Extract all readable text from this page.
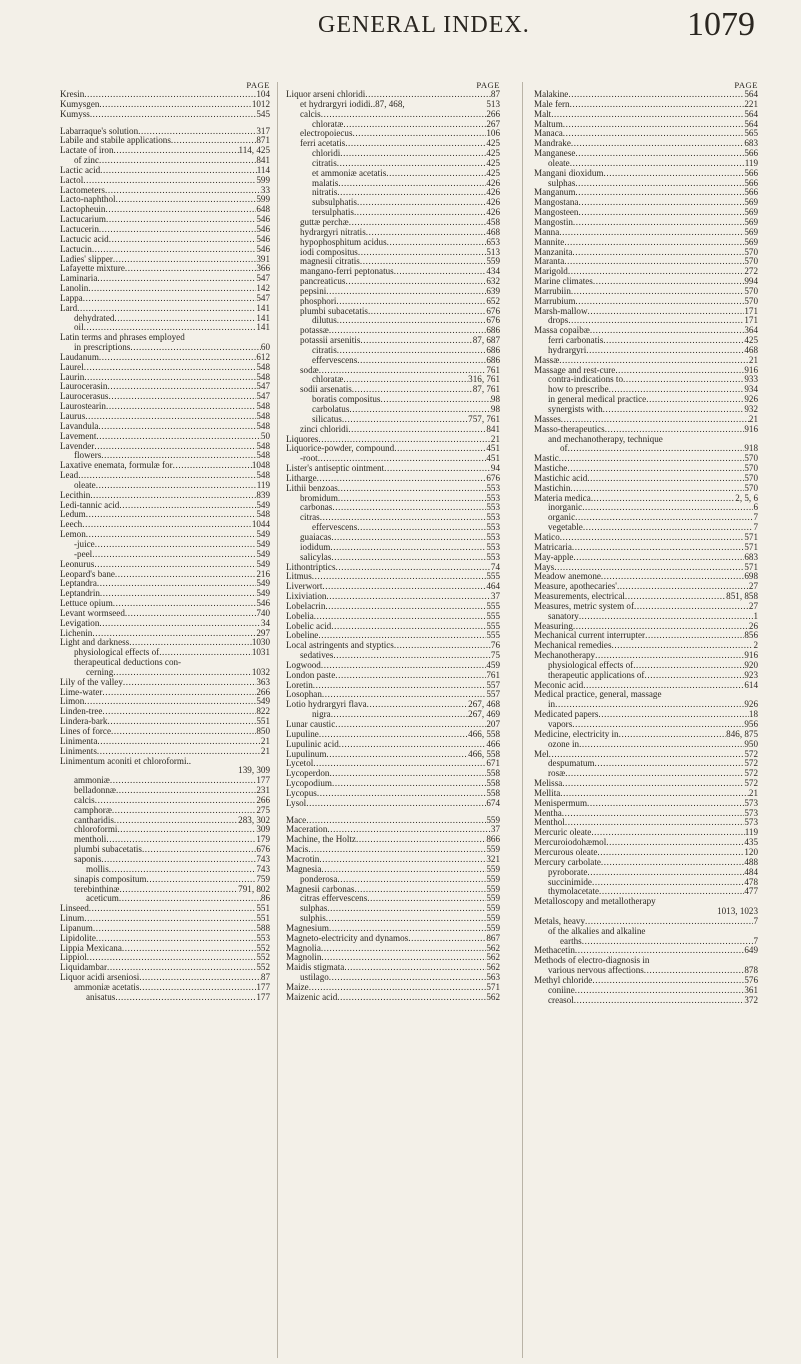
GENERAL INDEX.	1079
PAGE
Kresin .....	104
Kumysgen .....	1012
Kumyss .....	545
Labarraque's solution .....	317
Labile and stabile applications .....	871
Lactate of iron .....	114, 425
of zinc .....	841
Lactic acid .....	114
Lactol .....	599
Lactometers .....	33
Lacto-naphthol .....	599
Lactopheuin .....	648
Lactucarium .....	546
Lactucerin .....	546
Lactucic acid .....	546
Lactucin .....	546
Ladies' slipper .....	391
Lafayette mixture .....	366
Laminaria .....	547
Lanolin .....	142
Lappa .....	547
Lard .....	141
dehydrated .....	141
oil .....	141
Latin terms and phrases employed
in prescriptions .....	60
Laudanum .....	612
Laurel .....	548
Laurin .....	548
Laurocerasin .....	547
Laurocerasus .....	547
Laurostearin .....	548
Laurus .....	548
Lavandula .....	548
Lavement .....	50
Lavender .....	548
flowers .....	548
Laxative enemata, formulæ for .....	1048
Lead .....	548
oleate .....	119
Lecithin .....	839
Ledi-tannic acid .....	549
Ledum .....	548
Leech .....	1044
Lemon .....	549
-juice .....	549
-peel .....	549
Leonurus .....	549
Leopard's bane .....	216
Leptandra .....	549
Leptandrin .....	549
Lettuce opium .....	546
Levant wormseed .....	740
Levigation .....	34
Lichenin .....	297
Light and darkness .....	1030
physiological effects of .....	1031
therapeutical deductions con-
cerning .....	1032
Lily of the valley .....	363
Lime-water .....	266
Limon .....	549
Linden-tree .....	822
Lindera-bark .....	551
Lines of force .....	850
Linimenta .....	21
Liniments .....	21
Linimentum aconiti et chloroformi..
139, 309
ammoniæ .....	177
belladonnæ .....	231
calcis .....	266
camphoræ .....	275
cantharidis .....	283, 302
chloroformi .....	309
mentholi .....	179
plumbi subacetatis .....	676
saponis .....	743
mollis .....	743
sinapis compositum .....	759
terebinthinæ .....	791, 802
aceticum .....	86
Linseed .....	551
Linum .....	551
Lipanum .....	588
Lipidolite .....	553
Lippia Mexicana .....	552
Lippiol .....	552
Liquidambar .....	552
Liquor acidi arseniosi .....	87
ammoniæ acetatis .....	177
anisatus .....	177
PAGE
Liquor arseni chloridi .....	87
et hydrargyri iodidi..87, 468,	513
calcis .....	266
chloratæ .....	267
electropoiecus .....	106
ferri acetatis .....	425
chloridi .....	425
citratis .....	425
et ammoniæ acetatis .....	425
malatis .....	426
nitratis .....	426
subsulphatis .....	426
tersulphatis .....	426
guttæ perchæ .....	458
hydrargyri nitratis .....	468
hypophosphitum acidus .....	653
iodi compositus .....	513
magnesii citratis .....	559
mangano-ferri peptonatus .....	434
pancreaticus .....	632
pepsini .....	639
phosphori .....	652
plumbi subacetatis .....	676
dilutus .....	676
potassæ .....	686
potassii arsenitis .....	87, 687
citratis .....	686
effervescens .....	686
sodæ .....	761
chloratæ .....	316, 761
sodii arsenatis .....	87, 761
boratis compositus .....	98
carbolatus .....	98
silicatus .....	757, 761
zinci chloridi .....	841
Liquores .....	21
Liquorice-powder, compound .....	451
-root .....	451
Lister's antiseptic ointment .....	94
Litharge .....	676
Lithii benzoas .....	553
bromidum .....	553
carbonas .....	553
citras .....	553
effervescens .....	553
guaiacas .....	553
iodidum .....	553
salicylas .....	553
Lithontriptics .....	74
Litmus .....	555
Liverwort .....	464
Lixiviation .....	37
Lobelacrin .....	555
Lobelia .....	555
Lobelic acid .....	555
Lobeline .....	555
Local astringents and styptics .....	76
sedatives .....	75
Logwood .....	459
London paste .....	761
Loretin .....	557
Losophan .....	557
Lotio hydrargyri flava .....	267, 468
nigra .....	267, 469
Lunar caustic .....	207
Lupuline .....	466, 558
Lupulinic acid .....	466
Lupulinum .....	466, 558
Lycetol .....	671
Lycoperdon .....	558
Lycopodium .....	558
Lycopus .....	558
Lysol .....	674
Mace .....	559
Maceration .....	37
Machine, the Holtz .....	866
Macis .....	559
Macrotin .....	321
Magnesia .....	559
ponderosa .....	559
Magnesii carbonas .....	559
citras effervescens .....	559
sulphas .....	559
sulphis .....	559
Magnesium .....	559
Magneto-electricity and dynamos .....	867
Magnolia .....	562
Magnolin .....	562
Maidis stigmata .....	562
ustilago .....	563
Maize .....	571
Maizenic acid .....	562
PAGE
Malakine .....	564
Male fern .....	221
Malt .....	564
Maltum .....	564
Manaca .....	565
Mandrake .....	683
Manganese .....	566
oleate .....	119
Mangani dioxidum .....	566
sulphas .....	566
Manganum .....	566
Mangostana .....	569
Mangosteen .....	569
Mangostin .....	569
Manna .....	569
Mannite .....	569
Manzanita .....	570
Maranta .....	570
Marigold .....	272
Marine climates .....	994
Marrubiin .....	570
Marrubium .....	570
Marsh-mallow .....	171
drops .....	171
Massa copaibæ .....	364
ferri carbonatis .....	425
hydrargyri .....	468
Massæ .....	21
Massage and rest-cure .....	916
contra-indications to .....	933
how to prescribe .....	934
in general medical practice .....	926
synergists with .....	932
Masses .....	21
Masso-therapeutics .....	916
and mechanotherapy, technique
of .....	918
Mastic .....	570
Mastiche .....	570
Mastichic acid .....	570
Mastichin .....	570
Materia medica .....	2, 5, 6
inorganic .....	6
organic .....	7
vegetable .....	7
Matico .....	571
Matricaria .....	571
May-apple .....	683
Mays .....	571
Meadow anemone .....	698
Measure, apothecaries' .....	27
Measurements, electrical .....	851, 858
Measures, metric system of .....	27
sanatory .....	1
Measuring .....	26
Mechanical current interrupter .....	856
Mechanical remedies .....	2
Mechanotherapy .....	916
physiological effects of .....	920
therapeutic applications of .....	923
Meconic acid .....	614
Medical practice, general, massage
in .....	926
Medicated papers .....	18
vapors .....	956
Medicine, electricity in .....	846, 875
ozone in .....	950
Mel .....	572
despumatum .....	572
rosæ .....	572
Melissa .....	572
Mellita .....	21
Menispermum .....	573
Mentha .....	573
Menthol .....	573
Mercuric oleate .....	119
Mercuroiodohæmol .....	435
Mercurous oleate .....	120
Mercury carbolate .....	488
pyroborate .....	484
succinimide .....	478
thymolacetate .....	477
Metalloscopy and metallotherapy
1013, 1023
Metals, heavy .....	7
of the alkalies and alkaline
earths .....	7
Methacetin .....	649
Methods of electro-diagnosis in
various nervous affections .....	878
Methyl chloride .....	576
coniine .....	361
creasol .....	372
